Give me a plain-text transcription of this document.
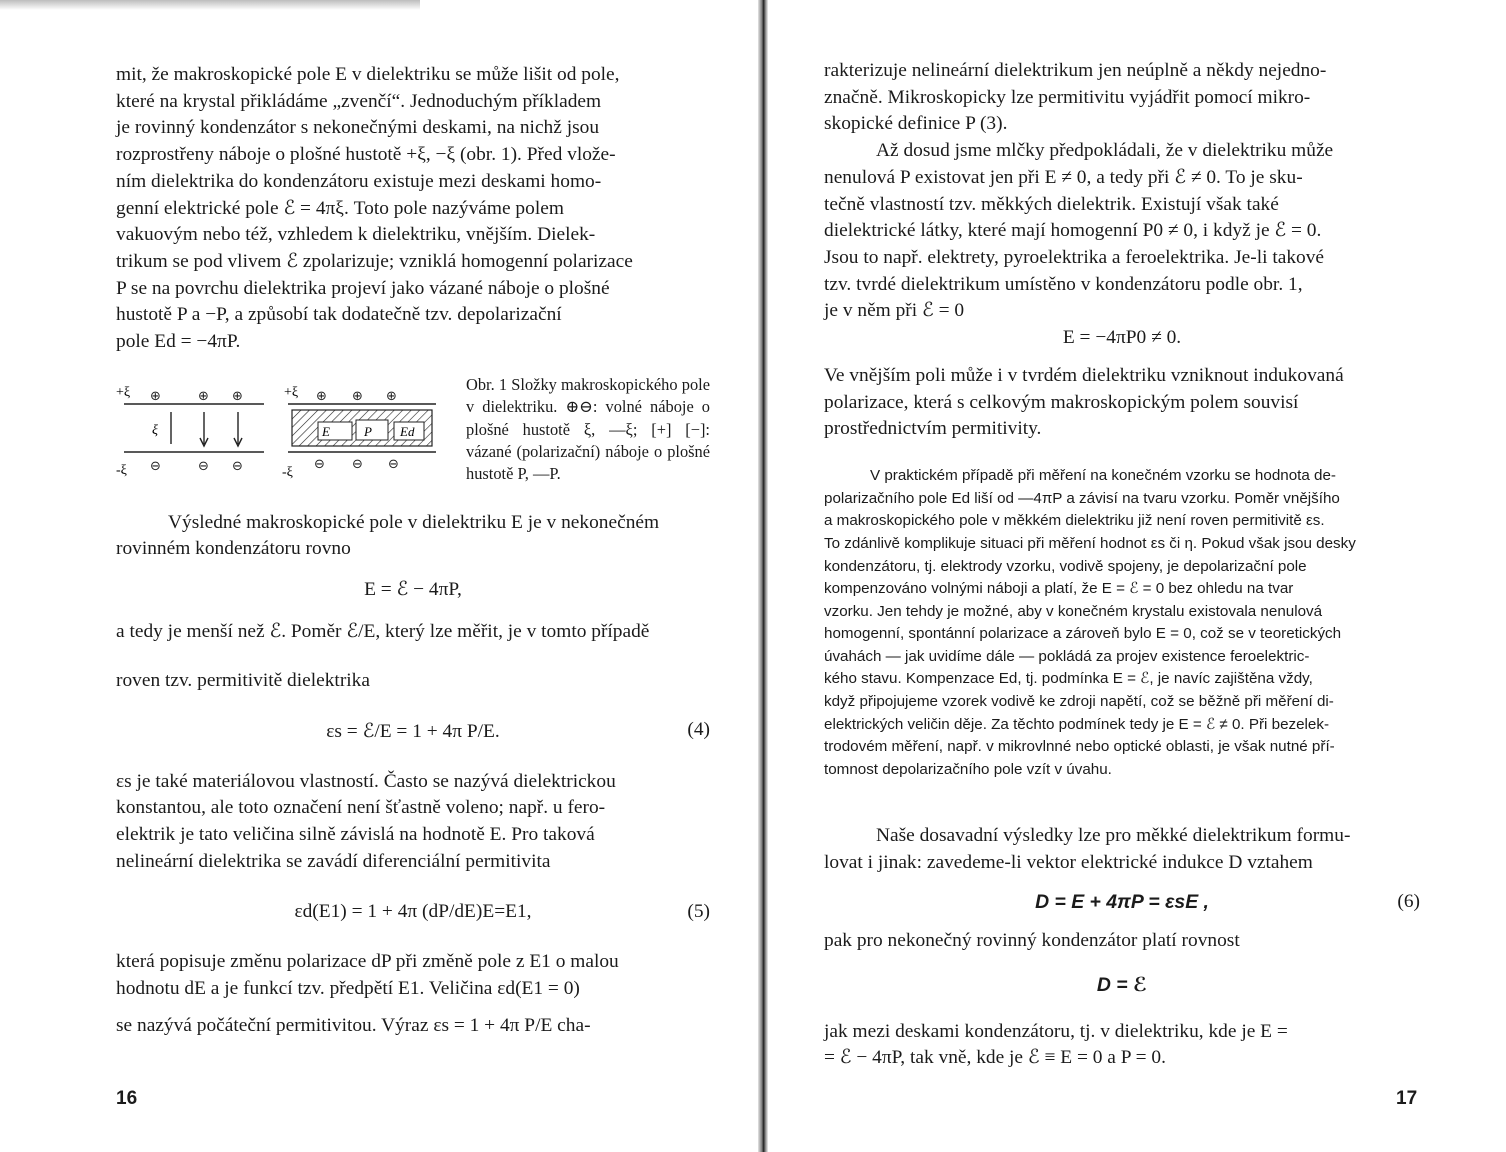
mit, že makroskopické pole E v dielektriku se může lišit od pole,
které na krystal přikládáme „zvenčí“. Jednoduchým příkladem
je rovinný kondenzátor s nekonečnými deskami, na nichž jsou
rozprostřeny náboje o plošné hustotě +ξ, −ξ (obr. 1). Před vlože-
ním dielektrika do kondenzátoru existuje mezi deskami homo-
genní elektrické pole ℰ = 4πξ. Toto pole nazýváme polem
vakuovým nebo též, vzhledem k dielektriku, vnějším. Dielek-
trikum se pod vlivem ℰ zpolarizuje; vzniklá homogenní polarizace
P se na povrchu dielektrika projeví jako vázané náboje o plošné
hustotě P a −P, a způsobí tak dodatečně tzv. depolarizační
pole Ed = −4πP.
+ξ ⊕	⊕ ⊕
⊖	⊖ ⊖
ξ
-ξ
+ξ ⊕ ⊕ ⊕
⊖ ⊖ ⊖
E	P Ed
-ξ

Obr. 1 Složky makroskopického pole v dielektriku. ⊕⊖: volné náboje o plošné hustotě ξ, —ξ; [+] [−]: vázané (polarizační) náboje o plošné hustotě P, —P.

Výsledné makroskopické pole v dielektriku E je v nekonečném
rovinném kondenzátoru rovno
E = ℰ − 4πP,
a tedy je menší než ℰ. Poměr ℰ/E, který lze měřit, je v tomto případě
roven tzv. permitivitě dielektrika
εs = ℰ/E = 1 + 4π P/E.	(4)
εs je také materiálovou vlastností. Často se nazývá dielektrickou
konstantou, ale toto označení není šťastně voleno; např. u fero-
elektrik je tato veličina silně závislá na hodnotě E. Pro taková
nelineární dielektrika se zavádí diferenciální permitivita
εd(E1) = 1 + 4π (dP/dE)E=E1,	(5)
která popisuje změnu polarizace dP při změně pole z E1 o malou
hodnotu dE a je funkcí tzv. předpětí E1. Veličina εd(E1 = 0)
se nazývá počáteční permitivitou. Výraz εs = 1 + 4π P/E cha-
16
rakterizuje nelineární dielektrikum jen neúplně a někdy nejedno-
značně. Mikroskopicky lze permitivitu vyjádřit pomocí mikro-
skopické definice P (3).
Až dosud jsme mlčky předpokládali, že v dielektriku může
nenulová P existovat jen při E ≠ 0, a tedy při ℰ ≠ 0. To je sku-
tečně vlastností tzv. měkkých dielektrik. Existují však také
dielektrické látky, které mají homogenní P0 ≠ 0, i když je ℰ = 0.
Jsou to např. elektrety, pyroelektrika a feroelektrika. Je-li takové
tzv. tvrdé dielektrikum umístěno v kondenzátoru podle obr. 1,
je v něm při ℰ = 0
E = −4πP0 ≠ 0.
Ve vnějším poli může i v tvrdém dielektriku vzniknout indukovaná
polarizace, která s celkovým makroskopickým polem souvisí
prostřednictvím permitivity.
V praktickém případě při měření na konečném vzorku se hodnota de-
polarizačního pole Ed liší od —4πP a závisí na tvaru vzorku. Poměr vnějšího
a makroskopického pole v měkkém dielektriku již není roven permitivitě εs.
To zdánlivě komplikuje situaci při měření hodnot εs či η. Pokud však jsou desky
kondenzátoru, tj. elektrody vzorku, vodivě spojeny, je depolarizační pole
kompenzováno volnými náboji a platí, že E = ℰ = 0 bez ohledu na tvar
vzorku. Jen tehdy je možné, aby v konečném krystalu existovala nenulová
homogenní, spontánní polarizace a zároveň bylo E = 0, což se v teoretických
úvahách — jak uvidíme dále — pokládá za projev existence feroelektric-
kého stavu. Kompenzace Ed, tj. podmínka E = ℰ, je navíc zajištěna vždy,
když připojujeme vzorek vodivě ke zdroji napětí, což se běžně při měření di-
elektrických veličin děje. Za těchto podmínek tedy je E = ℰ ≠ 0. Při bezelek-
trodovém měření, např. v mikrovlnné nebo optické oblasti, je však nutné pří-
tomnost depolarizačního pole vzít v úvahu.
Naše dosavadní výsledky lze pro měkké dielektrikum formu-
lovat i jinak: zavedeme-li vektor elektrické indukce D vztahem
D = E + 4πP = εsE ,	(6)
pak pro nekonečný rovinný kondenzátor platí rovnost
D = ℰ
jak mezi deskami kondenzátoru, tj. v dielektriku, kde je E =
= ℰ − 4πP, tak vně, kde je ℰ ≡ E = 0 a P = 0.
17
